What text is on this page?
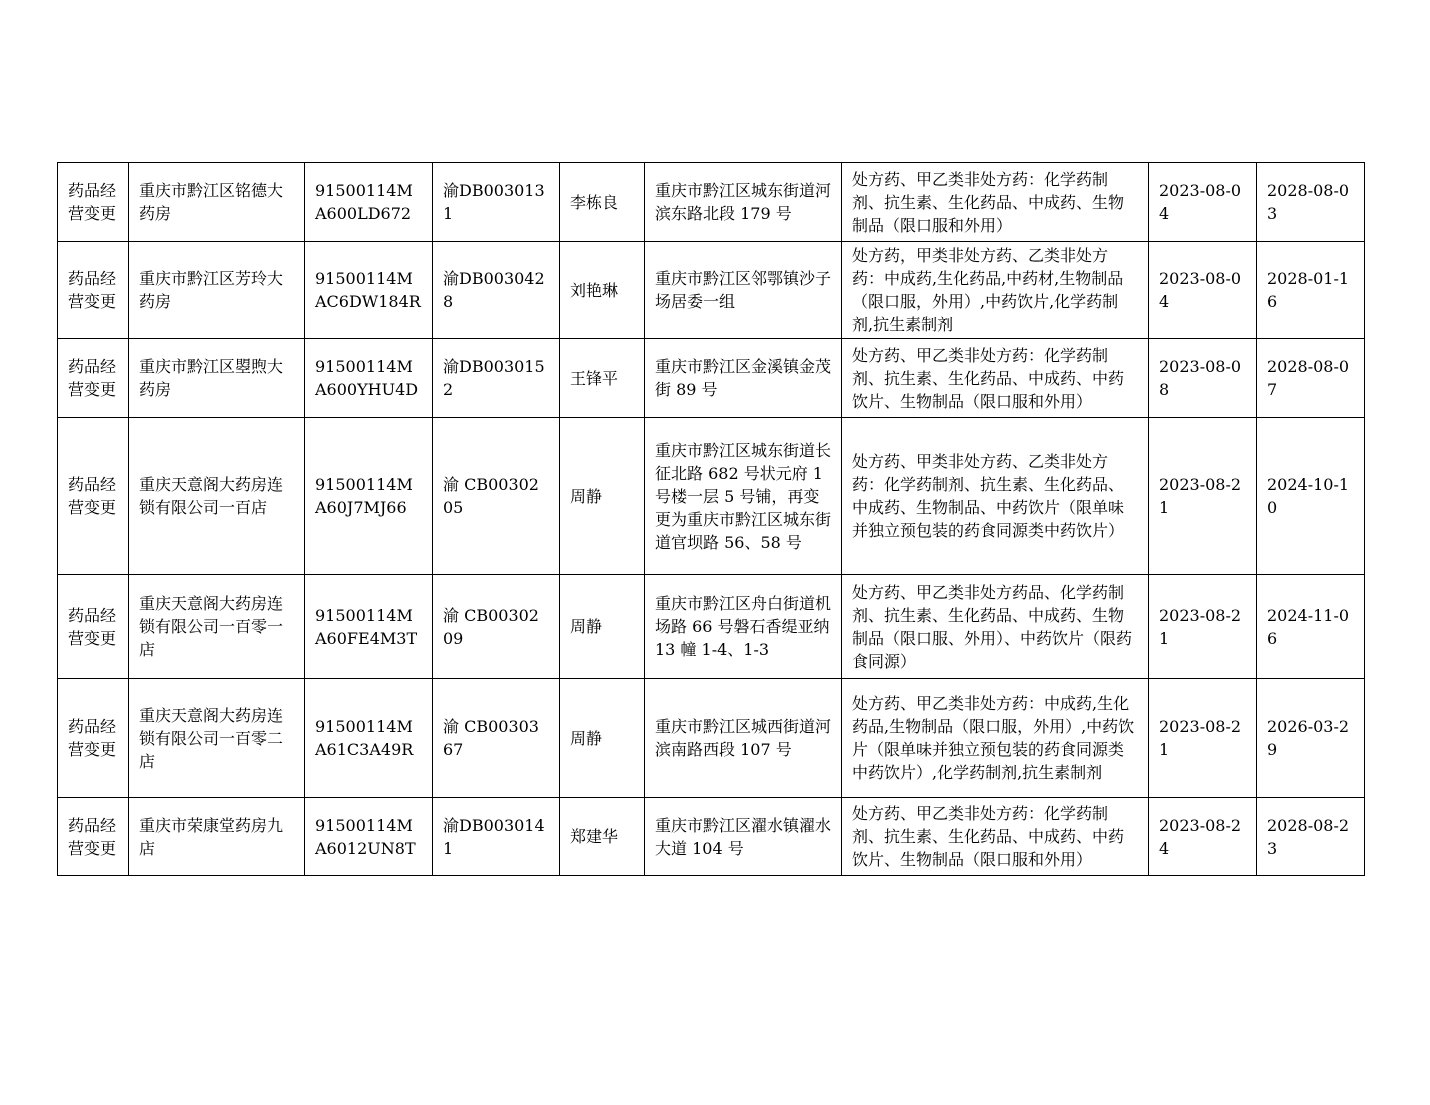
药品经营变更	重庆市黔江区铭德大药房	91500114MA600LD672	渝DB0030131	李栋良	重庆市黔江区城东街道河滨东路北段 179 号	处方药、甲乙类非处方药：化学药制剂、抗生素、生化药品、中成药、生物制品（限口服和外用）	2023-08-04	2028-08-03
药品经营变更	重庆市黔江区芳玲大药房	91500114MAC6DW184R	渝DB0030428	刘艳琳	重庆市黔江区邻鄂镇沙子场居委一组	处方药，甲类非处方药、乙类非处方药：中成药,生化药品,中药材,生物制品（限口服，外用）,中药饮片,化学药制剂,抗生素制剂	2023-08-04	2028-01-16
药品经营变更	重庆市黔江区曌煦大药房	91500114MA600YHU4D	渝DB0030152	王锋平	重庆市黔江区金溪镇金茂街 89 号	处方药、甲乙类非处方药：化学药制剂、抗生素、生化药品、中成药、中药饮片、生物制品（限口服和外用）	2023-08-08	2028-08-07
药品经营变更	重庆天意阁大药房连锁有限公司一百店	91500114MA60J7MJ66	渝 CB0030205	周静	重庆市黔江区城东街道长征北路 682 号状元府 1 号楼一层 5 号铺，再变更为重庆市黔江区城东街道官坝路 56、58 号	处方药、甲类非处方药、乙类非处方药：化学药制剂、抗生素、生化药品、中成药、生物制品、中药饮片（限单味并独立预包装的药食同源类中药饮片）	2023-08-21	2024-10-10
药品经营变更	重庆天意阁大药房连锁有限公司一百零一店	91500114MA60FE4M3T	渝 CB0030209	周静	重庆市黔江区舟白街道机场路 66 号磐石香缇亚纳 13 幢 1-4、1-3	处方药、甲乙类非处方药品、化学药制剂、抗生素、生化药品、中成药、生物制品（限口服、外用）、中药饮片（限药食同源）	2023-08-21	2024-11-06
药品经营变更	重庆天意阁大药房连锁有限公司一百零二店	91500114MA61C3A49R	渝 CB0030367	周静	重庆市黔江区城西街道河滨南路西段 107 号	处方药、甲乙类非处方药：中成药,生化药品,生物制品（限口服，外用）,中药饮片（限单味并独立预包装的药食同源类中药饮片）,化学药制剂,抗生素制剂	2023-08-21	2026-03-29
药品经营变更	重庆市荣康堂药房九店	91500114MA6012UN8T	渝DB0030141	郑建华	重庆市黔江区濯水镇濯水大道 104 号	处方药、甲乙类非处方药：化学药制剂、抗生素、生化药品、中成药、中药饮片、生物制品（限口服和外用）	2023-08-24	2028-08-23
